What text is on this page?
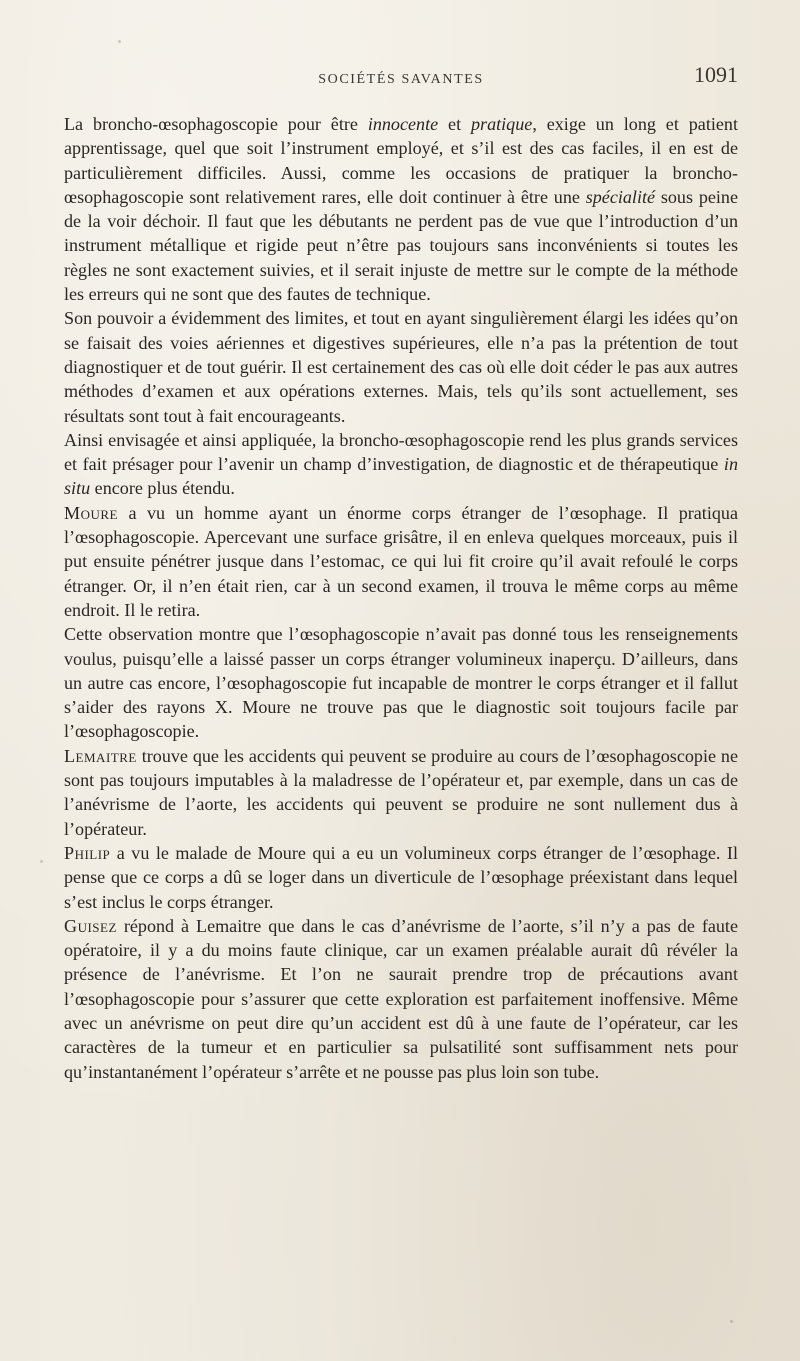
SOCIÉTÉS SAVANTES	1091

La broncho-œsophagoscopie pour être innocente et pratique, exige un long et patient apprentissage, quel que soit l’instrument employé, et s’il est des cas faciles, il en est de particulièrement difficiles. Aussi, comme les occasions de pratiquer la broncho-œsophagoscopie sont relativement rares, elle doit continuer à être une spécialité sous peine de la voir déchoir. Il faut que les débutants ne perdent pas de vue que l’introduction d’un instrument métallique et rigide peut n’être pas toujours sans inconvénients si toutes les règles ne sont exactement suivies, et il serait injuste de mettre sur le compte de la méthode les erreurs qui ne sont que des fautes de technique.

Son pouvoir a évidemment des limites, et tout en ayant singulièrement élargi les idées qu’on se faisait des voies aériennes et digestives supérieures, elle n’a pas la prétention de tout diagnostiquer et de tout guérir. Il est certainement des cas où elle doit céder le pas aux autres méthodes d’examen et aux opérations externes. Mais, tels qu’ils sont actuellement, ses résultats sont tout à fait encourageants.

Ainsi envisagée et ainsi appliquée, la broncho-œsophagoscopie rend les plus grands services et fait présager pour l’avenir un champ d’investigation, de diagnostic et de thérapeutique in situ encore plus étendu.

Moure a vu un homme ayant un énorme corps étranger de l’œsophage. Il pratiqua l’œsophagoscopie. Apercevant une surface grisâtre, il en enleva quelques morceaux, puis il put ensuite pénétrer jusque dans l’estomac, ce qui lui fit croire qu’il avait refoulé le corps étranger. Or, il n’en était rien, car à un second examen, il trouva le même corps au même endroit. Il le retira.

Cette observation montre que l’œsophagoscopie n’avait pas donné tous les renseignements voulus, puisqu’elle a laissé passer un corps étranger volumineux inaperçu. D’ailleurs, dans un autre cas encore, l’œsophagoscopie fut incapable de montrer le corps étranger et il fallut s’aider des rayons X. Moure ne trouve pas que le diagnostic soit toujours facile par l’œsophagoscopie.

Lemaitre trouve que les accidents qui peuvent se produire au cours de l’œsophagoscopie ne sont pas toujours imputables à la maladresse de l’opérateur et, par exemple, dans un cas de l’anévrisme de l’aorte, les accidents qui peuvent se produire ne sont nullement dus à l’opérateur.

Philip a vu le malade de Moure qui a eu un volumineux corps étranger de l’œsophage. Il pense que ce corps a dû se loger dans un diverticule de l’œsophage préexistant dans lequel s’est inclus le corps étranger.

Guisez répond à Lemaitre que dans le cas d’anévrisme de l’aorte, s’il n’y a pas de faute opératoire, il y a du moins faute clinique, car un examen préalable aurait dû révéler la présence de l’anévrisme. Et l’on ne saurait prendre trop de précautions avant l’œsophagoscopie pour s’assurer que cette exploration est parfaitement inoffensive. Même avec un anévrisme on peut dire qu’un accident est dû à une faute de l’opérateur, car les caractères de la tumeur et en particulier sa pulsatilité sont suffisamment nets pour qu’instantanément l’opérateur s’arrête et ne pousse pas plus loin son tube.
